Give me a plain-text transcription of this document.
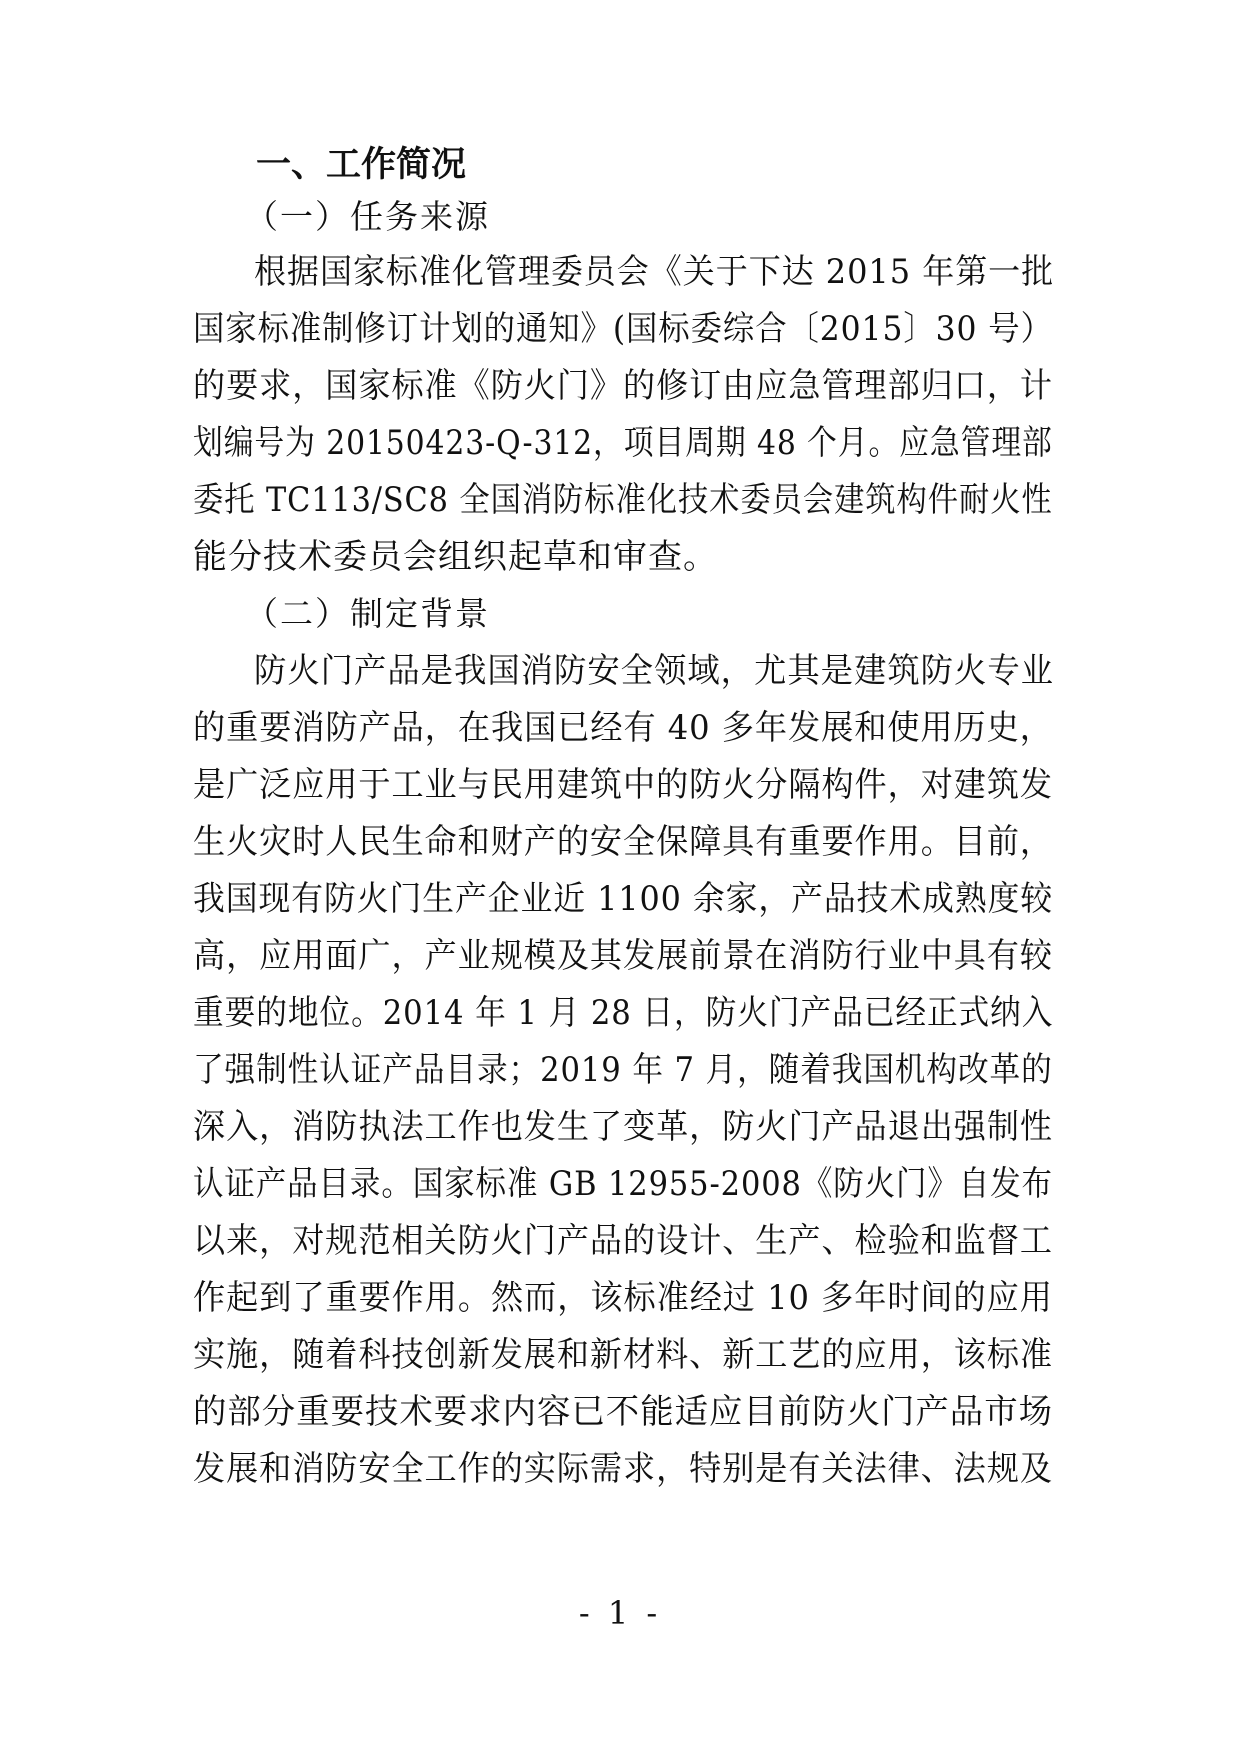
一、工作简况
（一）任务来源
根据国家标准化管理委员会《关于下达 2015 年第一批
国家标准制修订计划的通知》(国标委综合〔2015〕30 号）
的要求，国家标准《防火门》的修订由应急管理部归口，计
划编号为 20150423-Q-312，项目周期 48 个月。应急管理部
委托 TC113/SC8 全国消防标准化技术委员会建筑构件耐火性
能分技术委员会组织起草和审查。
（二）制定背景
防火门产品是我国消防安全领域，尤其是建筑防火专业
的重要消防产品，在我国已经有 40 多年发展和使用历史，
是广泛应用于工业与民用建筑中的防火分隔构件，对建筑发
生火灾时人民生命和财产的安全保障具有重要作用。目前，
我国现有防火门生产企业近 1100 余家，产品技术成熟度较
高，应用面广，产业规模及其发展前景在消防行业中具有较
重要的地位。2014 年 1 月 28 日，防火门产品已经正式纳入
了强制性认证产品目录；2019 年 7 月，随着我国机构改革的
深入，消防执法工作也发生了变革，防火门产品退出强制性
认证产品目录。国家标准 GB 12955-2008《防火门》自发布
以来，对规范相关防火门产品的设计、生产、检验和监督工
作起到了重要作用。然而，该标准经过 10 多年时间的应用
实施，随着科技创新发展和新材料、新工艺的应用，该标准
的部分重要技术要求内容已不能适应目前防火门产品市场
发展和消防安全工作的实际需求，特别是有关法律、法规及
- 1 -
